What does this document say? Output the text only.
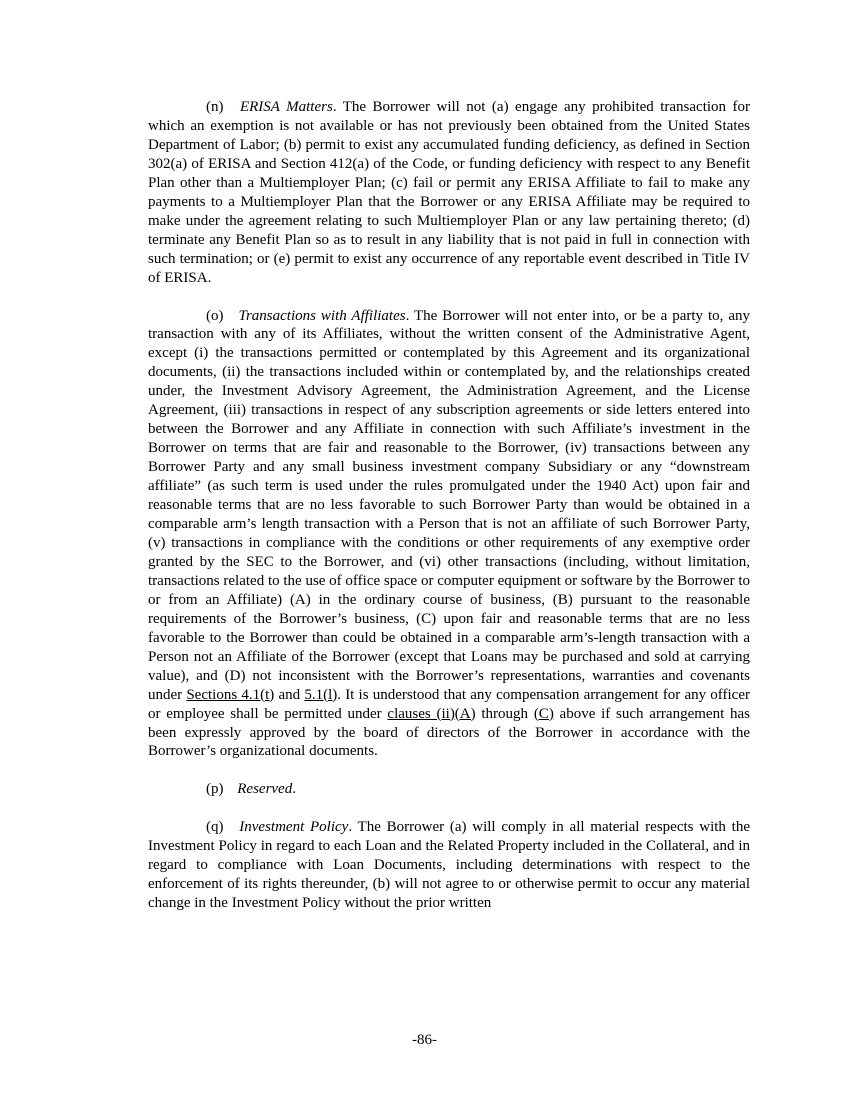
(n) ERISA Matters. The Borrower will not (a) engage any prohibited transaction for which an exemption is not available or has not previously been obtained from the United States Department of Labor; (b) permit to exist any accumulated funding deficiency, as defined in Section 302(a) of ERISA and Section 412(a) of the Code, or funding deficiency with respect to any Benefit Plan other than a Multiemployer Plan; (c) fail or permit any ERISA Affiliate to fail to make any payments to a Multiemployer Plan that the Borrower or any ERISA Affiliate may be required to make under the agreement relating to such Multiemployer Plan or any law pertaining thereto; (d) terminate any Benefit Plan so as to result in any liability that is not paid in full in connection with such termination; or (e) permit to exist any occurrence of any reportable event described in Title IV of ERISA.

(o) Transactions with Affiliates. The Borrower will not enter into, or be a party to, any transaction with any of its Affiliates, without the written consent of the Administrative Agent, except (i) the transactions permitted or contemplated by this Agreement and its organizational documents, (ii) the transactions included within or contemplated by, and the relationships created under, the Investment Advisory Agreement, the Administration Agreement, and the License Agreement, (iii) transactions in respect of any subscription agreements or side letters entered into between the Borrower and any Affiliate in connection with such Affiliate’s investment in the Borrower on terms that are fair and reasonable to the Borrower, (iv) transactions between any Borrower Party and any small business investment company Subsidiary or any “downstream affiliate” (as such term is used under the rules promulgated under the 1940 Act) upon fair and reasonable terms that are no less favorable to such Borrower Party than would be obtained in a comparable arm’s length transaction with a Person that is not an affiliate of such Borrower Party, (v) transactions in compliance with the conditions or other requirements of any exemptive order granted by the SEC to the Borrower, and (vi) other transactions (including, without limitation, transactions related to the use of office space or computer equipment or software by the Borrower to or from an Affiliate) (A) in the ordinary course of business, (B) pursuant to the reasonable requirements of the Borrower’s business, (C) upon fair and reasonable terms that are no less favorable to the Borrower than could be obtained in a comparable arm’s-length transaction with a Person not an Affiliate of the Borrower (except that Loans may be purchased and sold at carrying value), and (D) not inconsistent with the Borrower’s representations, warranties and covenants under Sections 4.1(t) and 5.1(l). It is understood that any compensation arrangement for any officer or employee shall be permitted under clauses (ii)(A) through (C) above if such arrangement has been expressly approved by the board of directors of the Borrower in accordance with the Borrower’s organizational documents.

(p) Reserved.

(q) Investment Policy. The Borrower (a) will comply in all material respects with the Investment Policy in regard to each Loan and the Related Property included in the Collateral, and in regard to compliance with Loan Documents, including determinations with respect to the enforcement of its rights thereunder, (b) will not agree to or otherwise permit to occur any material change in the Investment Policy without the prior written

-86-
